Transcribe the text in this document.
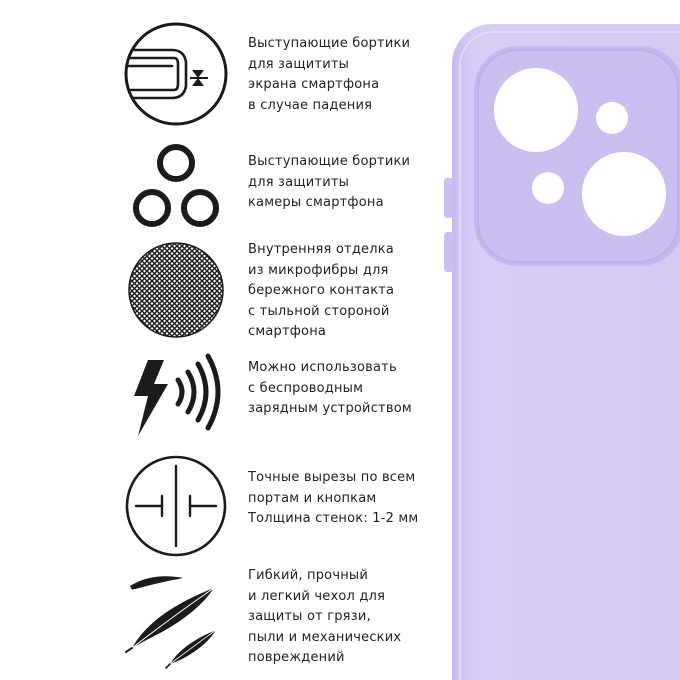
Выступающие бортики
для защититы
экрана смартфона
в случае падения

Выступающие бортики
для защититы
камеры смартфона

Внутренняя отделка
из микрофибры для
бережного контакта
с тыльной стороной
смартфона

Можно использовать
с беспроводным
зарядным устройством

Точные вырезы по всем
портам и кнопкам
Толщина стенок: 1-2 мм

Гибкий, прочный
и легкий чехол для
защиты от грязи,
пыли и механических
повреждений
